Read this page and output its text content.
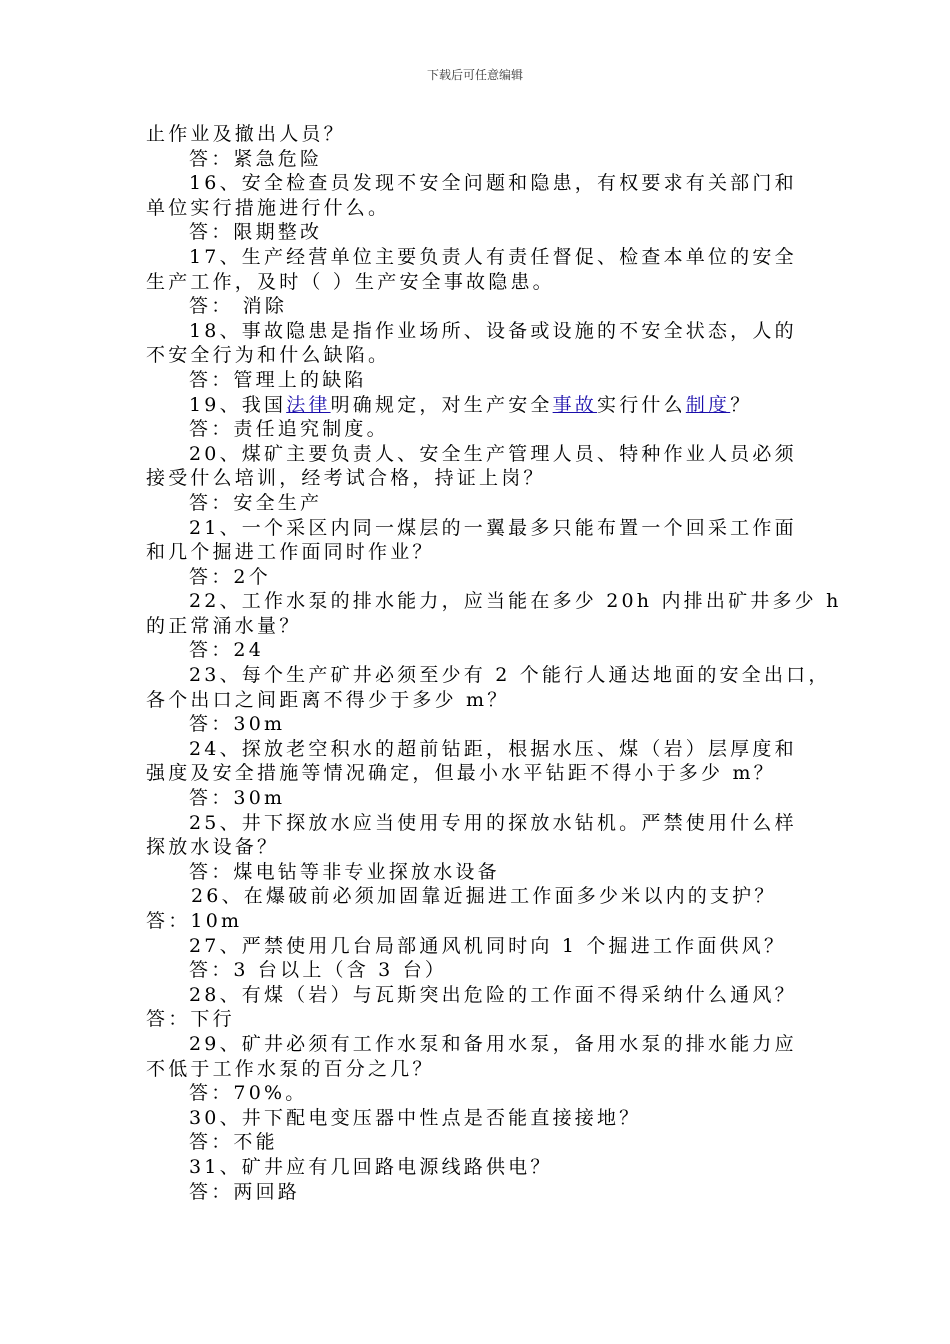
下载后可任意编辑
止作业及撤出人员？
答：紧急危险
16、安全检查员发现不安全问题和隐患，有权要求有关部门和
单位实行措施进行什么。
答：限期整改
17、生产经营单位主要负责人有责任督促、检查本单位的安全
生产工作，及时（ ）生产安全事故隐患。
答： 消除
18、事故隐患是指作业场所、设备或设施的不安全状态，人的
不安全行为和什么缺陷。
答：管理上的缺陷
19、我国法律明确规定，对生产安全事故实行什么制度？
答：责任追究制度。
20、煤矿主要负责人、安全生产管理人员、特种作业人员必须
接受什么培训，经考试合格，持证上岗？
答：安全生产
21、一个采区内同一煤层的一翼最多只能布置一个回采工作面
和几个掘进工作面同时作业？
答：2个
22、工作水泵的排水能力，应当能在多少 20h 内排出矿井多少 h
的正常涌水量？
答：24
23、每个生产矿井必须至少有 2 个能行人通达地面的安全出口，
各个出口之间距离不得少于多少 m？
答：30m
24、探放老空积水的超前钻距，根据水压、煤（岩）层厚度和
强度及安全措施等情况确定，但最小水平钻距不得小于多少 m？
答：30m
25、井下探放水应当使用专用的探放水钻机。严禁使用什么样
探放水设备？
答：煤电钻等非专业探放水设备
26、在爆破前必须加固靠近掘进工作面多少米以内的支护？
答：10m
27、严禁使用几台局部通风机同时向 1 个掘进工作面供风？
答：3 台以上（含 3 台）
28、有煤（岩）与瓦斯突出危险的工作面不得采纳什么通风？
答：下行
29、矿井必须有工作水泵和备用水泵，备用水泵的排水能力应
不低于工作水泵的百分之几？
答：70%。
30、井下配电变压器中性点是否能直接接地？
答：不能
31、矿井应有几回路电源线路供电？
答：两回路
